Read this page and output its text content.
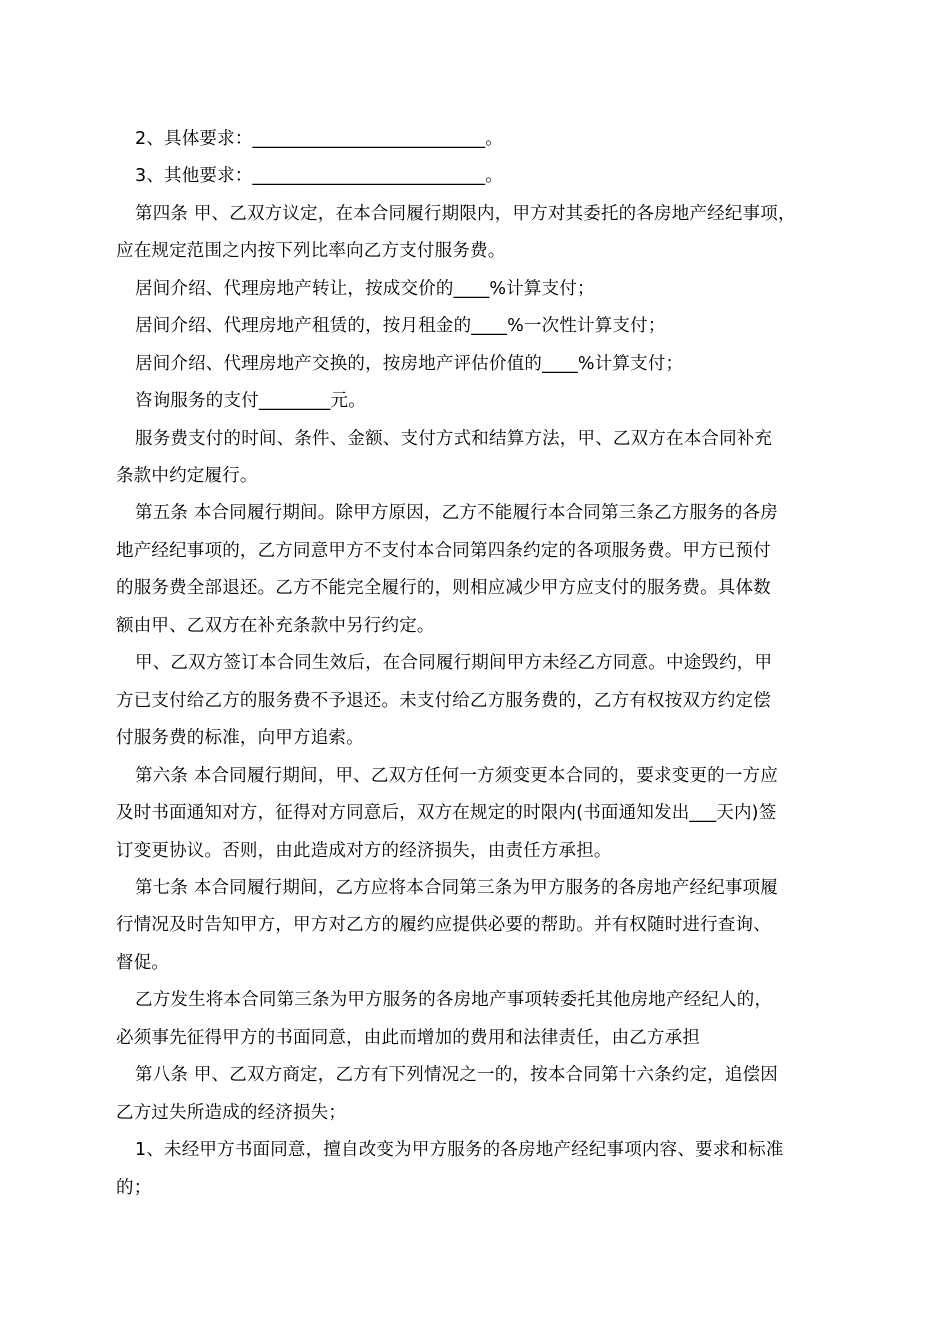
2、具体要求：__________________________。
3、其他要求：__________________________。
第四条 甲、乙双方议定，在本合同履行期限内，甲方对其委托的各房地产经纪事项，
应在规定范围之内按下列比率向乙方支付服务费。
居间介绍、代理房地产转让，按成交价的____%计算支付；
居间介绍、代理房地产租赁的，按月租金的____%一次性计算支付；
居间介绍、代理房地产交换的，按房地产评估价值的____%计算支付；
咨询服务的支付________元。
服务费支付的时间、条件、金额、支付方式和结算方法，甲、乙双方在本合同补充
条款中约定履行。
第五条 本合同履行期间。除甲方原因，乙方不能履行本合同第三条乙方服务的各房
地产经纪事项的，乙方同意甲方不支付本合同第四条约定的各项服务费。甲方已预付
的服务费全部退还。乙方不能完全履行的，则相应减少甲方应支付的服务费。具体数
额由甲、乙双方在补充条款中另行约定。
甲、乙双方签订本合同生效后，在合同履行期间甲方未经乙方同意。中途毁约，甲
方已支付给乙方的服务费不予退还。未支付给乙方服务费的，乙方有权按双方约定偿
付服务费的标准，向甲方追索。
第六条 本合同履行期间，甲、乙双方任何一方须变更本合同的，要求变更的一方应
及时书面通知对方，征得对方同意后，双方在规定的时限内(书面通知发出___天内)签
订变更协议。否则，由此造成对方的经济损失，由责任方承担。
第七条 本合同履行期间，乙方应将本合同第三条为甲方服务的各房地产经纪事项履
行情况及时告知甲方，甲方对乙方的履约应提供必要的帮助。并有权随时进行查询、
督促。
乙方发生将本合同第三条为甲方服务的各房地产事项转委托其他房地产经纪人的，
必须事先征得甲方的书面同意，由此而增加的费用和法律责任，由乙方承担
第八条 甲、乙双方商定，乙方有下列情况之一的，按本合同第十六条约定，追偿因
乙方过失所造成的经济损失；
1、未经甲方书面同意，擅自改变为甲方服务的各房地产经纪事项内容、要求和标准
的；
